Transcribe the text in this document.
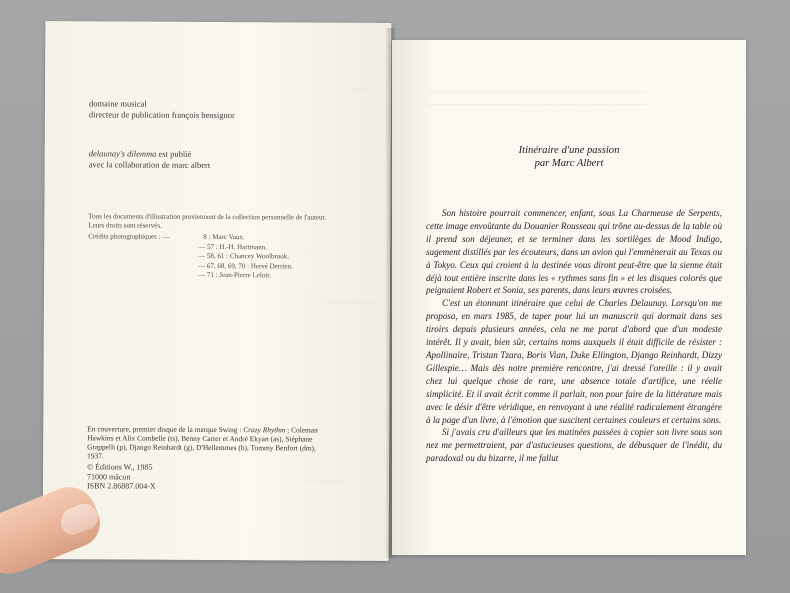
————
——————————
———————
domaine musical
directeur de publication françois bensignor
delaunay's dilemma est publié
avec la collaboration de marc albert
Tous les documents d'illustration proviennent de la collection personnelle de l'auteur.
Leurs droits sont réservés.
Crédits photographiques : —	8 : Marc Vaux.
— 57 : H.-H. Hartmann.
— 58, 61 : Chancey Woolbrook.
— 67, 68, 69, 70 : Hervé Derrien.
— 71 : Jean-Pierre Leloir.
En couverture, premier disque de la marque Swing : Crazy Rhythm ; Coleman
Hawkins et Alix Combelle (ts), Benny Carter et André Ekyan (as), Stéphane
Grappelli (p), Django Reinhardt (g), D'Hellemmes (b), Tommy Benfort (dm),
1937.
© Éditions W., 1985
71000 mâcon
ISBN 2.86887.004-X
————————————————————————————————————
————————————————————————————————————
Itinéraire d'une passion
par Marc Albert

Son histoire pourrait commencer, enfant, sous La Charmeuse de Serpents, cette image envoûtante du Douanier Rousseau qui trône au-dessus de la table où il prend son déjeuner, et se terminer dans les sortilèges de Mood Indigo, sagement distillés par les écouteurs, dans un avion qui l'emmènerait au Texas ou à Tokyo. Ceux qui croient à la destinée vous diront peut-être que la sienne était déjà tout entière inscrite dans les « rythmes sans fin » et les disques colorés que peignaient Robert et Sonia, ses parents, dans leurs œuvres croisées.

C'est un étonnant itinéraire que celui de Charles Delaunay. Lorsqu'on me proposa, en mars 1985, de taper pour lui un manuscrit qui dormait dans ses tiroirs depuis plusieurs années, cela ne me parut d'abord que d'un modeste intérêt. Il y avait, bien sûr, certains noms auxquels il était difficile de résister : Apollinaire, Tristan Tzara, Boris Vian, Duke Ellington, Django Reinhardt, Dizzy Gillespie… Mais dès notre première rencontre, j'ai dressé l'oreille : il y avait chez lui quelque chose de rare, une absence totale d'artifice, une réelle simplicité. Et il avait écrit comme il parlait, non pour faire de la littérature mais avec le désir d'être véridique, en renvoyant à une réalité radicalement étrangère à la page d'un livre, à l'émotion que suscitent certaines couleurs et certains sons.

Si j'avais cru d'ailleurs que les matinées passées à copier son livre sous son nez me permettraient, par d'astucieuses questions, de débusquer de l'inédit, du paradoxal ou du bizarre, il me fallut
